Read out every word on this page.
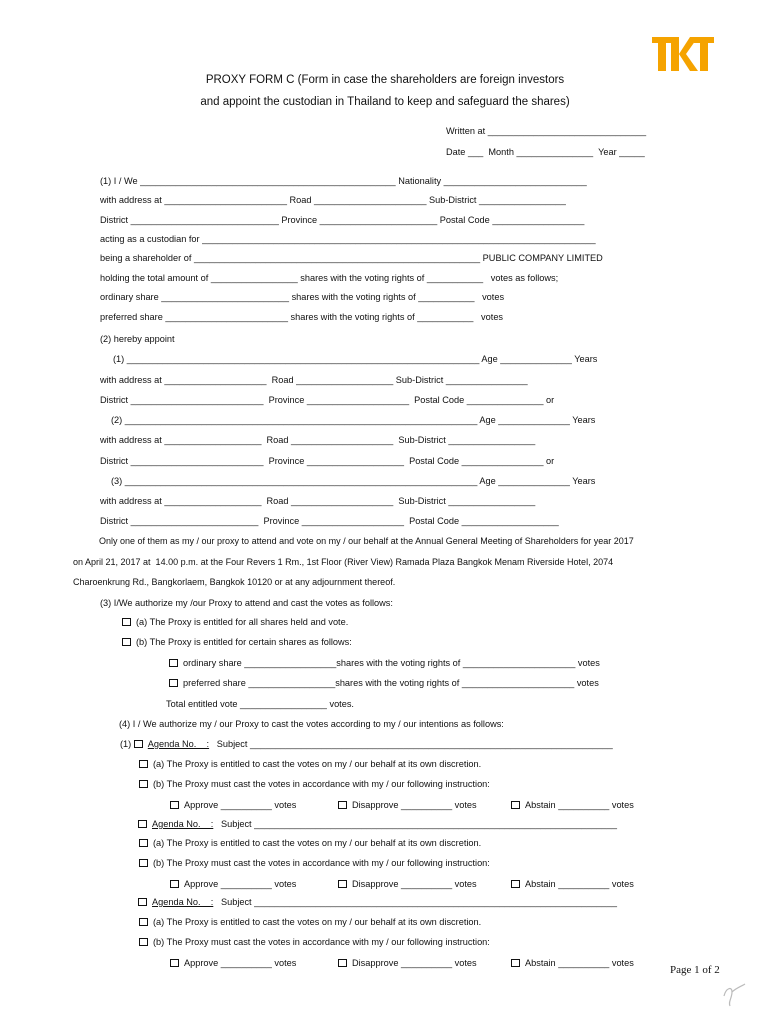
PROXY FORM C (Form in case the shareholders are foreign investors
and appoint the custodian in Thailand to keep and safeguard the shares)
Written at _______________________________
Date ___  Month _______________  Year _____
(1) I / We __________________________________________________ Nationality ____________________________
with address at ________________________ Road ______________________ Sub-District _________________
District _____________________________ Province _______________________ Postal Code __________________
acting as a custodian for _____________________________________________________________________________
being a shareholder of ________________________________________________________ PUBLIC COMPANY LIMITED
holding the total amount of _________________ shares with the voting rights of ___________   votes as follows;
ordinary share _________________________ shares with the voting rights of ___________   votes
preferred share ________________________ shares with the voting rights of ___________   votes
(2) hereby appoint
(1) _____________________________________________________________________ Age ______________ Years
with address at ____________________  Road ___________________ Sub-District ________________
District __________________________  Province ____________________  Postal Code _______________ or
(2) _____________________________________________________________________ Age ______________ Years
with address at ___________________  Road ____________________  Sub-District _________________
District __________________________  Province ___________________  Postal Code ________________ or
(3) _____________________________________________________________________ Age ______________ Years
with address at ___________________  Road ____________________  Sub-District _________________
District _________________________  Province ____________________  Postal Code ___________________
Only one of them as my / our proxy to attend and vote on my / our behalf at the Annual General Meeting of Shareholders for year 2017
on April 21, 2017 at  14.00 p.m. at the Four Revers 1 Rm., 1st Floor (River View) Ramada Plaza Bangkok Menam Riverside Hotel, 2074
Charoenkrung Rd., Bangkorlaem, Bangkok 10120 or at any adjournment thereof.
(3) I/We authorize my /our Proxy to attend and cast the votes as follows:
(a) The Proxy is entitled for all shares held and vote.
(b) The Proxy is entitled for certain shares as follows:
ordinary share __________________shares with the voting rights of ______________________ votes
preferred share _________________shares with the voting rights of ______________________ votes
Total entitled vote _________________ votes.
(4) I / We authorize my / our Proxy to cast the votes according to my / our intentions as follows:
(1) Agenda No.    : Subject _______________________________________________________________________
(a) The Proxy is entitled to cast the votes on my / our behalf at its own discretion.
(b) The Proxy must cast the votes in accordance with my / our following instruction:
Approve __________ votes	Disapprove __________ votes	Abstain __________ votes
Agenda No.    : Subject _______________________________________________________________________
(a) The Proxy is entitled to cast the votes on my / our behalf at its own discretion.
(b) The Proxy must cast the votes in accordance with my / our following instruction:
Approve __________ votes	Disapprove __________ votes	Abstain __________ votes
Agenda No.    : Subject _______________________________________________________________________
(a) The Proxy is entitled to cast the votes on my / our behalf at its own discretion.
(b) The Proxy must cast the votes in accordance with my / our following instruction:
Approve __________ votes	Disapprove __________ votes	Abstain __________ votes
Page 1 of 2
